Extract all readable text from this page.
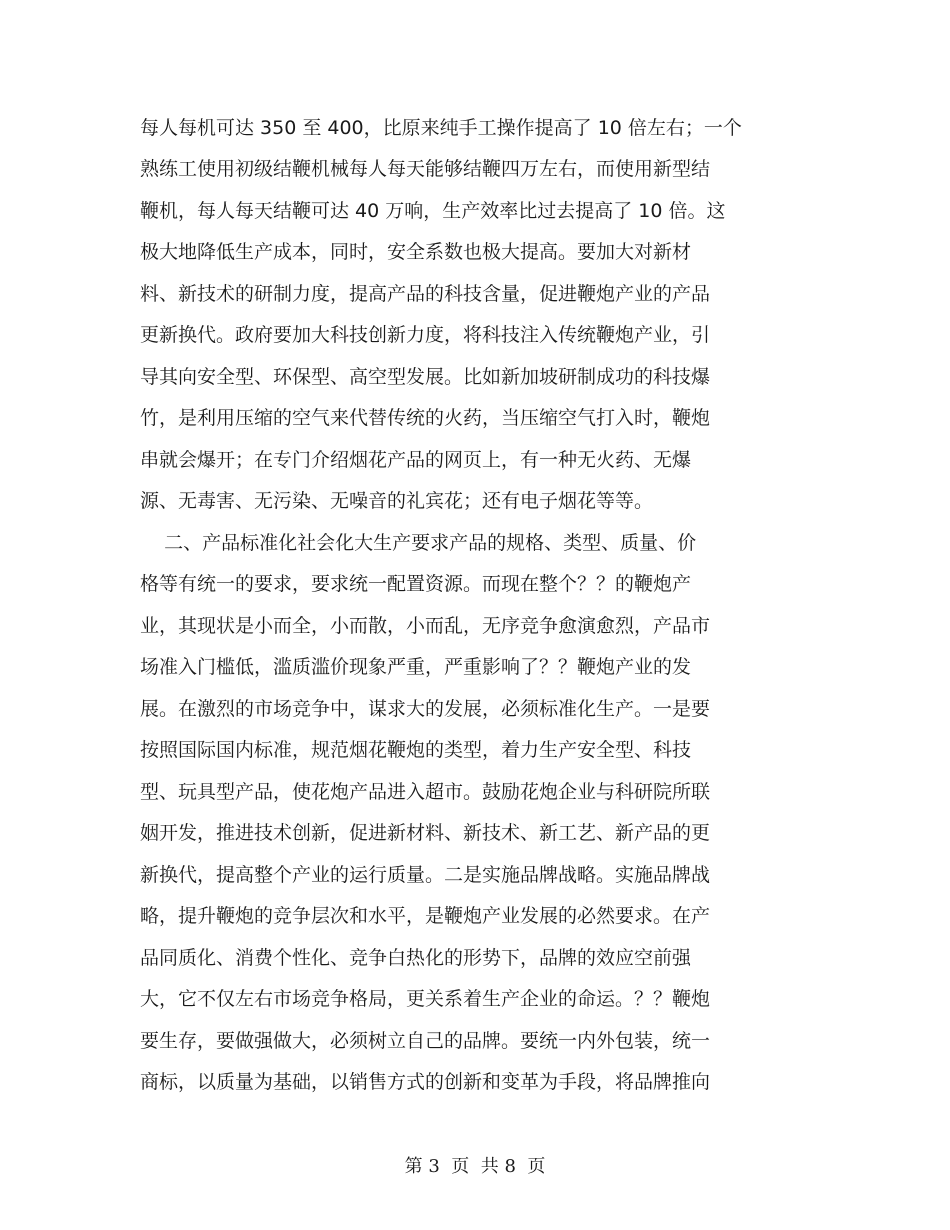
每人每机可达 350 至 400，比原来纯手工操作提高了 10 倍左右；一个
熟练工使用初级结鞭机械每人每天能够结鞭四万左右，而使用新型结
鞭机，每人每天结鞭可达 40 万响，生产效率比过去提高了 10 倍。这
极大地降低生产成本，同时，安全系数也极大提高。要加大对新材
料、新技术的研制力度，提高产品的科技含量，促进鞭炮产业的产品
更新换代。政府要加大科技创新力度，将科技注入传统鞭炮产业，引
导其向安全型、环保型、高空型发展。比如新加坡研制成功的科技爆
竹，是利用压缩的空气来代替传统的火药，当压缩空气打入时，鞭炮
串就会爆开；在专门介绍烟花产品的网页上，有一种无火药、无爆
源、无毒害、无污染、无噪音的礼宾花；还有电子烟花等等。
二、产品标准化社会化大生产要求产品的规格、类型、质量、价
格等有统一的要求，要求统一配置资源。而现在整个？？的鞭炮产
业，其现状是小而全，小而散，小而乱，无序竞争愈演愈烈，产品市
场准入门槛低，滥质滥价现象严重，严重影响了？？鞭炮产业的发
展。在激烈的市场竞争中，谋求大的发展，必须标准化生产。一是要
按照国际国内标准，规范烟花鞭炮的类型，着力生产安全型、科技
型、玩具型产品，使花炮产品进入超市。鼓励花炮企业与科研院所联
姻开发，推进技术创新，促进新材料、新技术、新工艺、新产品的更
新换代，提高整个产业的运行质量。二是实施品牌战略。实施品牌战
略，提升鞭炮的竞争层次和水平，是鞭炮产业发展的必然要求。在产
品同质化、消费个性化、竞争白热化的形势下，品牌的效应空前强
大，它不仅左右市场竞争格局，更关系着生产企业的命运。？？鞭炮
要生存，要做强做大，必须树立自己的品牌。要统一内外包装，统一
商标，以质量为基础，以销售方式的创新和变革为手段，将品牌推向
第 3  页  共 8  页
